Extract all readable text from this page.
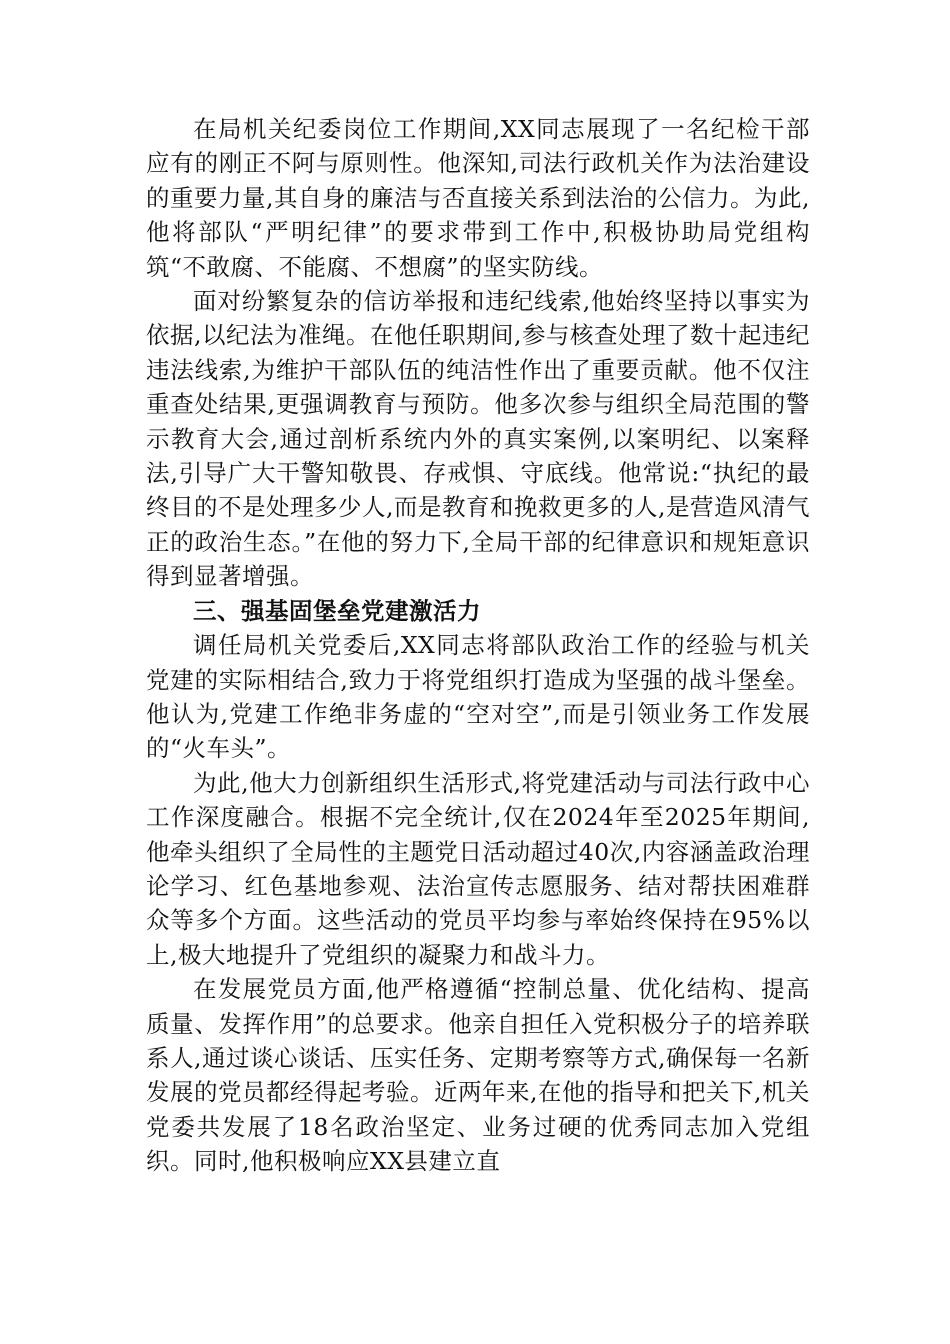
在局机关纪委岗位工作期间,XX同志展现了一名纪检干部应有的刚正不阿与原则性。他深知,司法行政机关作为法治建设的重要力量,其自身的廉洁与否直接关系到法治的公信力。为此,他将部队“严明纪律”的要求带到工作中,积极协助局党组构筑“不敢腐、不能腐、不想腐”的坚实防线。

面对纷繁复杂的信访举报和违纪线索,他始终坚持以事实为依据,以纪法为准绳。在他任职期间,参与核查处理了数十起违纪违法线索,为维护干部队伍的纯洁性作出了重要贡献。他不仅注重查处结果,更强调教育与预防。他多次参与组织全局范围的警示教育大会,通过剖析系统内外的真实案例,以案明纪、以案释法,引导广大干警知敬畏、存戒惧、守底线。他常说:“执纪的最终目的不是处理多少人,而是教育和挽救更多的人,是营造风清气正的政治生态。”在他的努力下,全局干部的纪律意识和规矩意识得到显著增强。

三、强基固堡垒党建激活力

调任局机关党委后,XX同志将部队政治工作的经验与机关党建的实际相结合,致力于将党组织打造成为坚强的战斗堡垒。他认为,党建工作绝非务虚的“空对空”,而是引领业务工作发展的“火车头”。

为此,他大力创新组织生活形式,将党建活动与司法行政中心工作深度融合。根据不完全统计,仅在2024年至2025年期间,他牵头组织了全局性的主题党日活动超过40次,内容涵盖政治理论学习、红色基地参观、法治宣传志愿服务、结对帮扶困难群众等多个方面。这些活动的党员平均参与率始终保持在95%以上,极大地提升了党组织的凝聚力和战斗力。

在发展党员方面,他严格遵循“控制总量、优化结构、提高质量、发挥作用”的总要求。他亲自担任入党积极分子的培养联系人,通过谈心谈话、压实任务、定期考察等方式,确保每一名新发展的党员都经得起考验。近两年来,在他的指导和把关下,机关党委共发展了18名政治坚定、业务过硬的优秀同志加入党组织。同时,他积极响应XX县建立直
